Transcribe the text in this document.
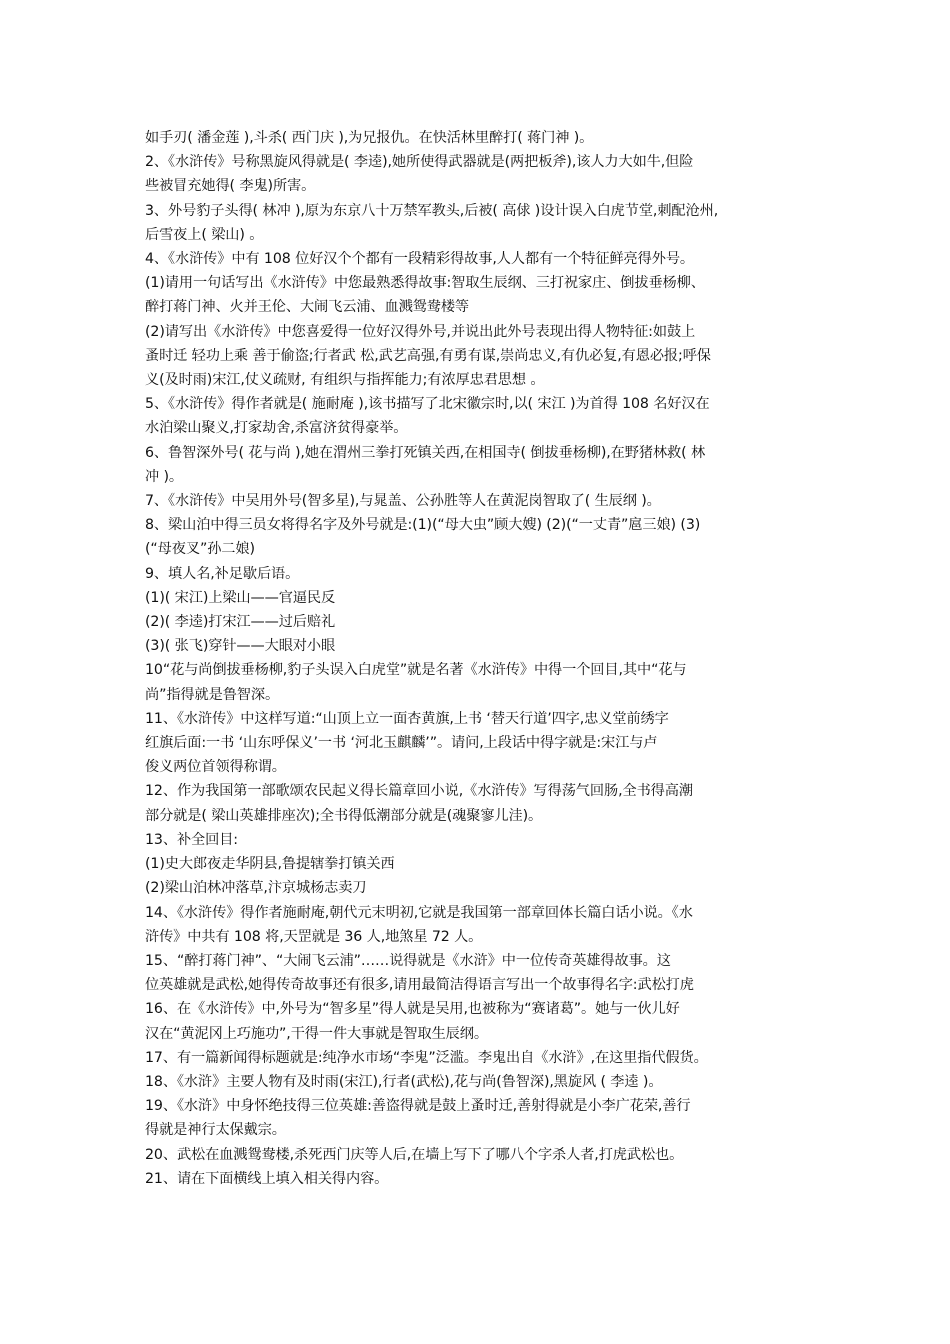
如手刃( 潘金莲 ),斗杀( 西门庆 ),为兄报仇。在快活林里醉打( 蒋门神 )。

2、《水浒传》号称黑旋风得就是( 李逵),她所使得武器就是(两把板斧),该人力大如牛,但险
些被冒充她得( 李鬼)所害。

3、外号豹子头得( 林冲 ),原为东京八十万禁军教头,后被( 高俅 )设计误入白虎节堂,刺配沧州,
后雪夜上( 梁山) 。

4、《水浒传》中有 108 位好汉个个都有一段精彩得故事,人人都有一个特征鲜亮得外号。

(1)请用一句话写出《水浒传》中您最熟悉得故事:智取生辰纲、三打祝家庄、倒拔垂杨柳、
醉打蒋门神、火并王伦、大闹飞云浦、血溅鸳鸯楼等

(2)请写出《水浒传》中您喜爱得一位好汉得外号,并说出此外号表现出得人物特征:如鼓上
蚤时迁 轻功上乘 善于偷盗;行者武 松,武艺高强,有勇有谋,崇尚忠义,有仇必复,有恩必报;呼保
义(及时雨)宋江,仗义疏财, 有组织与指挥能力;有浓厚忠君思想 。

5、《水浒传》得作者就是( 施耐庵 ),该书描写了北宋徽宗时,以( 宋江 )为首得 108 名好汉在
水泊梁山聚义,打家劫舍,杀富济贫得豪举。

6、鲁智深外号( 花与尚 ),她在渭州三拳打死镇关西,在相国寺( 倒拔垂杨柳),在野猪林救( 林
冲 )。

7、《水浒传》中吴用外号(智多星),与晁盖、公孙胜等人在黄泥岗智取了( 生辰纲 )。

8、梁山泊中得三员女将得名字及外号就是:(1)(“母大虫”顾大嫂) (2)(“一丈青”扈三娘) (3)
(“母夜叉”孙二娘)

9、填人名,补足歇后语。

(1)( 宋江)上梁山——官逼民反

(2)( 李逵)打宋江——过后赔礼

(3)( 张飞)穿针——大眼对小眼

10“花与尚倒拔垂杨柳,豹子头误入白虎堂”就是名著《水浒传》中得一个回目,其中“花与
尚”指得就是鲁智深。

11、《水浒传》中这样写道:“山顶上立一面杏黄旗,上书 ‘替天行道’四字,忠义堂前绣字
红旗后面:一书 ‘山东呼保义’一书 ‘河北玉麒麟’”。请问,上段话中得字就是:宋江与卢
俊义两位首领得称谓。

12、作为我国第一部歌颂农民起义得长篇章回小说,《水浒传》写得荡气回肠,全书得高潮
部分就是( 梁山英雄排座次);全书得低潮部分就是(魂聚寥儿洼)。

13、补全回目:

(1)史大郎夜走华阴县,鲁提辖拳打镇关西

(2)梁山泊林冲落草,汴京城杨志卖刀

14、《水浒传》得作者施耐庵,朝代元末明初,它就是我国第一部章回体长篇白话小说。《水
浒传》中共有 108 将,天罡就是 36 人,地煞星 72 人。

15、“醉打蒋门神”、“大闹飞云浦”……说得就是《水浒》中一位传奇英雄得故事。这
位英雄就是武松,她得传奇故事还有很多,请用最简洁得语言写出一个故事得名字:武松打虎

16、在《水浒传》中,外号为“智多星”得人就是吴用,也被称为“赛诸葛”。她与一伙儿好
汉在“黄泥冈上巧施功”,干得一件大事就是智取生辰纲。

17、有一篇新闻得标题就是:纯净水市场“李鬼”泛滥。李鬼出自《水浒》,在这里指代假货。

18、《水浒》主要人物有及时雨(宋江),行者(武松),花与尚(鲁智深),黑旋风 ( 李逵 )。

19、《水浒》中身怀绝技得三位英雄:善盗得就是鼓上蚤时迁,善射得就是小李广花荣,善行
得就是神行太保戴宗。

20、武松在血溅鸳鸯楼,杀死西门庆等人后,在墙上写下了哪八个字杀人者,打虎武松也。

21、请在下面横线上填入相关得内容。
